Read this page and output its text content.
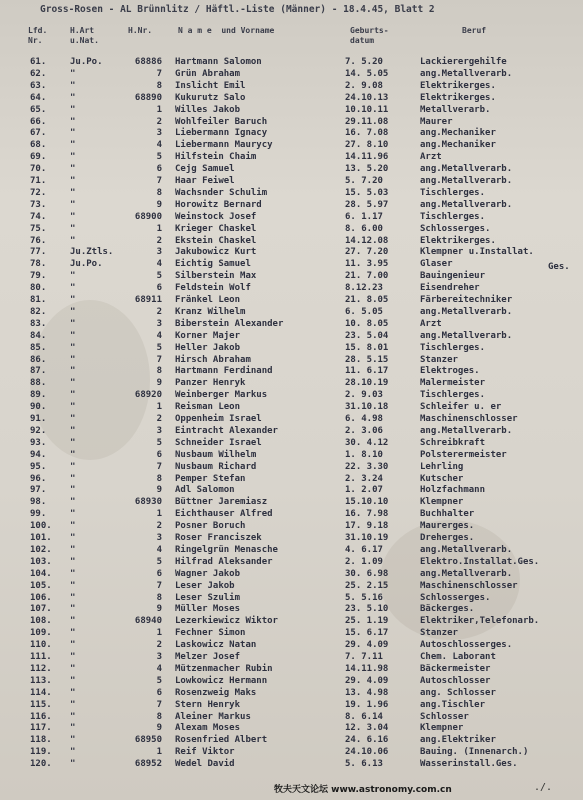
Gross-Rosen - AL Brünnlitz / Häftl.-Liste (Männer) - 18.4.45, Blatt 2
Lfd.
Nr.
H.Art
u.Nat.
H.Nr.	N a m e  und Vorname	Geburts-
datum
Beruf
61.	Ju.Po.	68886 Hartmann Salomon	7. 5.20	Lackierergehilfe
62.	"	7 Grün Abraham	14. 5.05	ang.Metallverarb.
63.	"	8 Inslicht Emil	2. 9.08	Elektrikerges.
64.	"	68890 Kukurutz Salo	24.10.13	Elektrikerges.
65.	"	1 Willes Jakob	10.10.11	Metallverarb.
66.	"	2 Wohlfeiler Baruch	29.11.08	Maurer
67.	"	3 Liebermann Ignacy	16. 7.08	ang.Mechaniker
68.	"	4 Liebermann Maurycy	27. 8.10	ang.Mechaniker
69.	"	5 Hilfstein Chaim	14.11.96	Arzt
70.	"	6 Cejg Samuel	13. 5.20	ang.Metallverarb.
71.	"	7 Haar Feiwel	5. 7.20	ang.Metallverarb.
72.	"	8 Wachsnder Schulim	15. 5.03	Tischlerges.
73.	"	9 Horowitz Bernard	28. 5.97	ang.Metallverarb.
74.	"	68900 Weinstock Josef	6. 1.17	Tischlerges.
75.	"	1 Krieger Chaskel	8. 6.00	Schlosserges.
76.	"	2 Ekstein Chaskel	14.12.08	Elektrikerges.
77.	Ju.Ztls.	3 Jakubowicz Kurt	27. 7.20	Klempner u.Installat.
78.	Ju.Po.	4 Eichtig Samuel	11. 3.95	Glaser
79.	"	5 Silberstein Max	21. 7.00	Bauingenieur
80.	"	6 Feldstein Wolf	8.12.23	Eisendreher
81.	"	68911 Fränkel Leon	21. 8.05	Färbereitechniker
82.	"	2 Kranz Wilhelm	6. 5.05	ang.Metallverarb.
83.	"	3 Biberstein Alexander	10. 8.05	Arzt
84.	"	4 Korner Majer	23. 5.04	ang.Metallverarb.
85.	"	5 Heller Jakob	15. 8.01	Tischlerges.
86.	"	7 Hirsch Abraham	28. 5.15	Stanzer
87.	"	8 Hartmann Ferdinand	11. 6.17	Elektroges.
88.	"	9 Panzer Henryk	28.10.19	Malermeister
89.	"	68920 Weinberger Markus	2. 9.03	Tischlerges.
90.	"	1 Reisman Leon	31.10.18	Schleifer u. er
91.	"	2 Oppenheim Israel	6. 4.98	Maschinenschlosser
92.	"	3 Eintracht Alexander	2. 3.06	ang.Metallverarb.
93.	"	5 Schneider Israel	30. 4.12	Schreibkraft
94.	"	6 Nusbaum Wilhelm	1. 8.10	Polsterermeister
95.	"	7 Nusbaum Richard	22. 3.30	Lehrling
96.	"	8 Pemper Stefan	2. 3.24	Kutscher
97.	"	9 Adl Salomon	1. 2.07	Holzfachmann
98.	"	68930 Büttner Jaremiasz	15.10.10	Klempner
99.	"	1 Eichthauser Alfred	16. 7.98	Buchhalter
100.	"	2 Posner Boruch	17. 9.18	Maurerges.
101.	"	3 Roser Franciszek	31.10.19	Dreherges.
102.	"	4 Ringelgrün Menasche	4. 6.17	ang.Metallverarb.
103.	"	5 Hilfrad Aleksander	2. 1.09	Elektro.Installat.Ges.
104.	"	6 Wagner Jakob	30. 6.98	ang.Metallverarb.
105.	"	7 Leser Jakob	25. 2.15	Maschinenschlosser
106.	"	8 Leser Szulim	5. 5.16	Schlosserges.
107.	"	9 Müller Moses	23. 5.10	Bäckerges.
108.	"	68940 Lezerkiewicz Wiktor	25. 1.19	Elektriker,Telefonarb.
109.	"	1 Fechner Simon	15. 6.17	Stanzer
110.	"	2 Laskowicz Natan	29. 4.09	Autoschlosserges.
111.	"	3 Melzer Josef	7. 7.11	Chem. Laborant
112.	"	4 Mützenmacher Rubin	14.11.98	Bäckermeister
113.	"	5 Lowkowicz Hermann	29. 4.09	Autoschlosser
114.	"	6 Rosenzweig Maks	13. 4.98	ang. Schlosser
115.	"	7 Stern Henryk	19. 1.96	ang.Tischler
116.	"	8 Aleiner Markus	8. 6.14	Schlosser
117.	"	9 Alexam Moses	12. 3.04	Klempner
118.	"	68950 Rosenfried Albert	24. 6.16	ang.Elektriker
119.	"	1 Reif Viktor	24.10.06	Bauing. (Innenarch.)
120.	"	68952 Wedel David	5. 6.13	Wasserinstall.Ges.
Ges.
牧夫天文论坛 www.astronomy.com.cn	./.
